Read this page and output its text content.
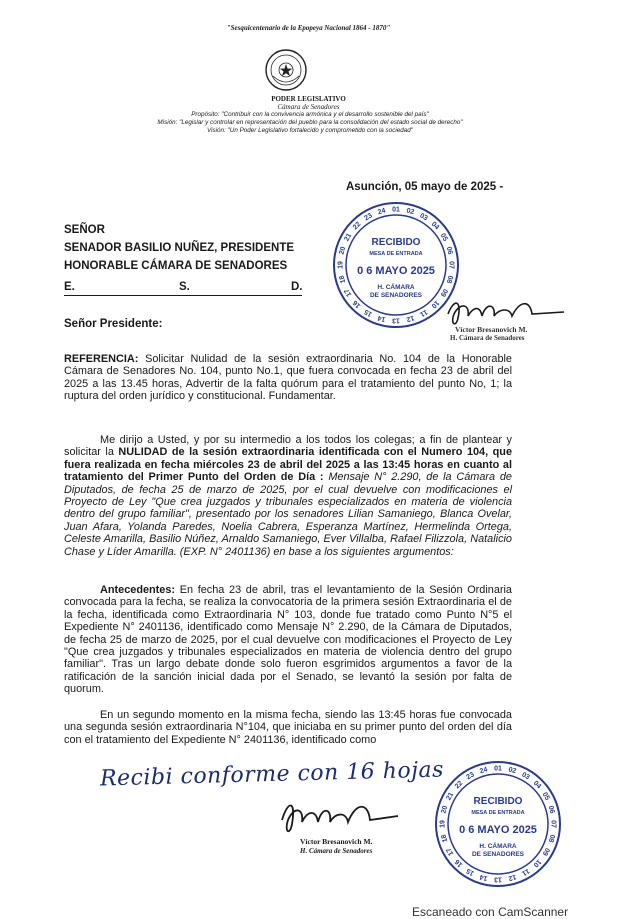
"Sesquicentenario de la Epopeya Nacional 1864 - 1870"
PODER LEGISLATIVO
Cámara de Senadores
Propósito: "Contribuir con la convivencia armónica y el desarrollo sostenible del país"
Misión: "Legislar y controlar en representación del pueblo para la consolidación del estado social de derecho"
Visión: "Un Poder Legislativo fortalecido y comprometido con la sociedad"
Asunción, 05 mayo de 2025 -
SEÑOR
SENADOR BASILIO NUÑEZ, PRESIDENTE
HONORABLE CÁMARA DE SENADORES
E.	S.	D.
Señor Presidente:
01 02
03
04
05
06
07
08
09
10
11
12
13
14
15
16
17
18
19
20
21
22
23
24
RECIBIDO
MESA DE ENTRADA
0 6 MAYO 2025
H. CÁMARA
DE SENADORES
Víctor Bresanovich M.
H. Cámara de Senadores
REFERENCIA: Solicitar Nulidad de la sesión extraordinaria No. 104 de la Honorable Cámara de Senadores No. 104, punto No.1, que fuera convocada en fecha 23 de abril del 2025 a las 13.45 horas, Advertir de la falta quórum para el tratamiento del punto No, 1; la ruptura del orden jurídico y constitucional. Fundamentar.
Me dirijo a Usted, y por su intermedio a los todos los colegas; a fin de plantear y solicitar la NULIDAD de la sesión extraordinaria identificada con el Numero 104, que fuera realizada en fecha miércoles 23 de abril del 2025 a las 13:45 horas en cuanto al tratamiento del Primer Punto del Orden de Día : Mensaje N° 2.290, de la Cámara de Diputados, de fecha 25 de marzo de 2025, por el cual devuelve con modificaciones el Proyecto de Ley "Que crea juzgados y tribunales especializados en materia de violencia dentro del grupo familiar", presentado por los senadores Lilian Samaniego, Blanca Ovelar, Juan Afara, Yolanda Paredes, Noelia Cabrera, Esperanza Martínez, Hermelinda Ortega, Celeste Amarilla, Basilio Núñez, Arnaldo Samaniego, Ever Villalba, Rafael Filizzola, Natalicio Chase y Líder Amarilla. (EXP. N° 2401136) en base a los siguientes argumentos:
Antecedentes: En fecha 23 de abril, tras el levantamiento de la Sesión Ordinaria convocada para la fecha, se realiza la convocatoria de la primera sesión Extraordinaria el de la fecha, identificada como Extraordinaria N° 103, donde fue tratado como Punto N°5 el Expediente N° 2401136, identificado como Mensaje N° 2.290, de la Cámara de Diputados, de fecha 25 de marzo de 2025, por el cual devuelve con modificaciones el Proyecto de Ley "Que crea juzgados y tribunales especializados en materia de violencia dentro del grupo familiar". Tras un largo debate donde solo fueron esgrimidos argumentos a favor de la ratificación de la sanción inicial dada por el Senado, se levantó la sesión por falta de quorum.
En un segundo momento en la misma fecha, siendo las 13:45 horas fue convocada una segunda sesión extraordinaria N°104, que iniciaba en su primer punto del orden del día con el tratamiento del Expediente N° 2401136, identificado como
Recibi conforme con 16 hojas
Víctor Bresanovich M.
H. Cámara de Senadores
01 02
03
04
05
06
07
08
09
10
11
12
13
14
15
16
17
18
19
20
21
22
23
24
RECIBIDO
MESA DE ENTRADA
0 6 MAYO 2025
H. CÁMARA
DE SENADORES
Escaneado con CamScanner
